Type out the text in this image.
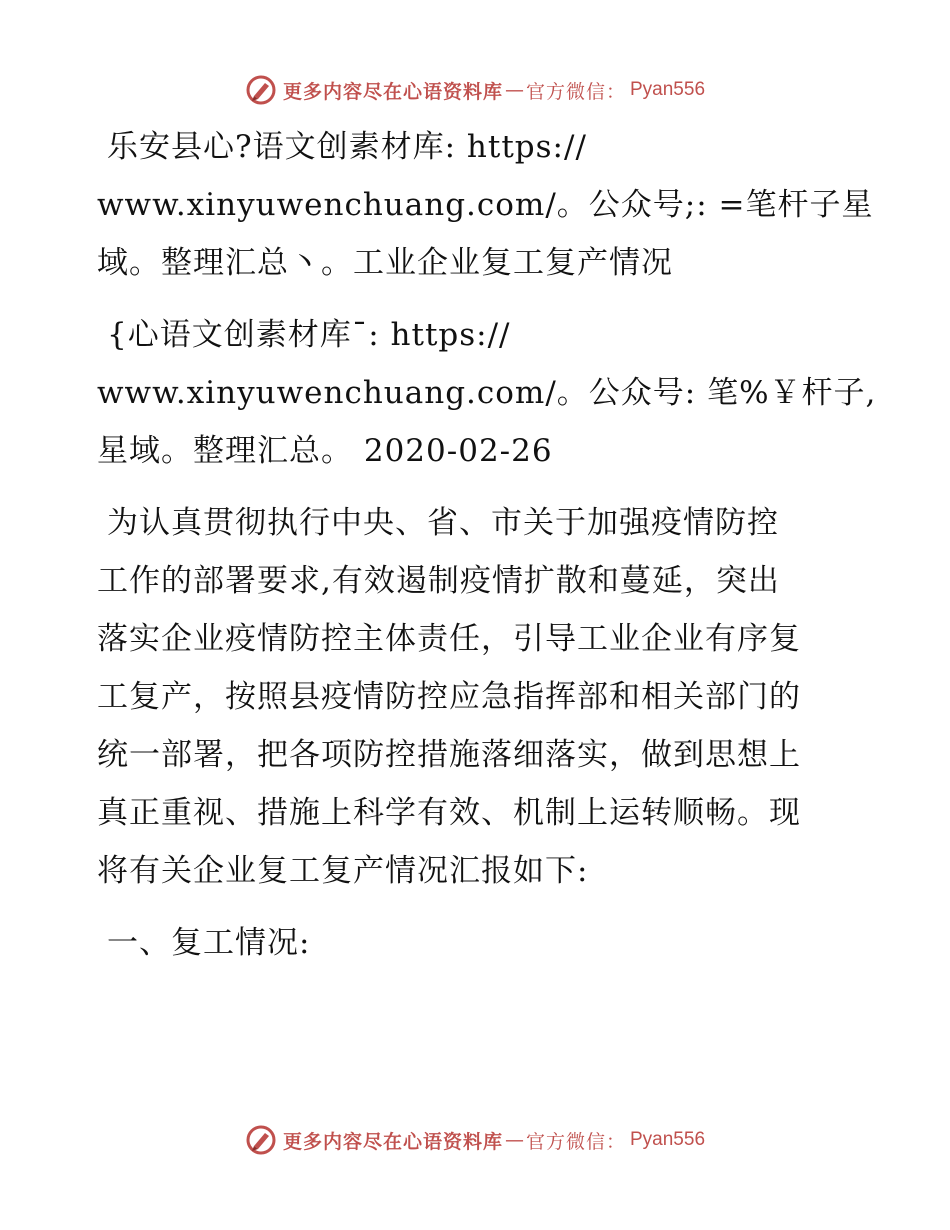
更多内容尽在心语资料库 — 官方微信： Pyan556
乐安县心?语文创素材库: https://
www.xinyuwenchuang.com/。公众号;: =笔杆子星
域。整理汇总丶。工业企业复工复产情况
{心语文创素材库¯: https://
www.xinyuwenchuang.com/。公众号: 笔%￥杆子,
星域。整理汇总。 2020-02-26
为认真贯彻执行中央、省、市关于加强疫情防控
工作的部署要求,有效遏制疫情扩散和蔓延，突出
落实企业疫情防控主体责任，引导工业企业有序复
工复产，按照县疫情防控应急指挥部和相关部门的
统一部署，把各项防控措施落细落实，做到思想上
真正重视、措施上科学有效、机制上运转顺畅。现
将有关企业复工复产情况汇报如下:
一、复工情况:
更多内容尽在心语资料库 — 官方微信： Pyan556
